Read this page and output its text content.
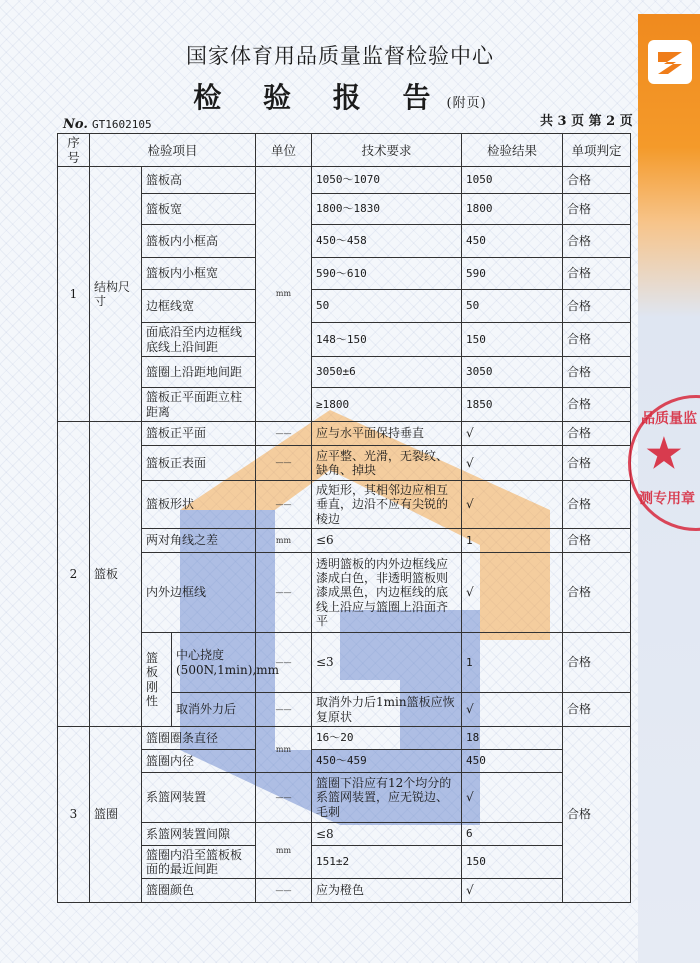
国家体育用品质量监督检验中心
检 验 报 告(附页)
No. GT1602105	共 3 页 第 2 页
序号	检验项目			单位	技术要求	检验结果	单项判定
1	结构尺寸	篮板高		mm	1050～1070	1050	合格
		篮板宽			1800～1830	1800	合格
		篮板内小框高			450～458	450	合格
		篮板内小框宽			590～610	590	合格
		边框线宽			50	50	合格
		面底沿至内边框线底线上沿间距			148～150	150	合格
		篮圈上沿距地间距			3050±6	3050	合格
		篮板正平面距立柱距离			≥1800	1850	合格
2	篮板	篮板正平面		——	应与水平面保持垂直	√	合格
		篮板正表面		——	应平整、光滑，无裂纹、缺角、掉块	√	合格
		篮板形状		——	成矩形，其相邻边应相互垂直，边沿不应有尖锐的棱边	√	合格
		两对角线之差		mm	≤6	1	合格
		内外边框线		——	透明篮板的内外边框线应漆成白色，非透明篮板则漆成黑色，内边框线的底线上沿应与篮圈上沿面齐平	√	合格
		篮板刚性	中心挠度(500N,1min),mm	——	≤3	1	合格
			取消外力后	——	取消外力后1min篮板应恢复原状	√	合格
3	篮圈	篮圈圈条直径		mm	16～20	18	合格
		篮圈内径			450～459	450	
		系篮网装置		——	篮圈下沿应有12个均分的系篮网装置，应无锐边、毛刺	√	
		系篮网装置间隙		mm	≤8	6	
		篮圈内沿至篮板板面的最近间距			151±2	150	
		篮圈颜色		——	应为橙色	√	
品质量监
★
测专用章
